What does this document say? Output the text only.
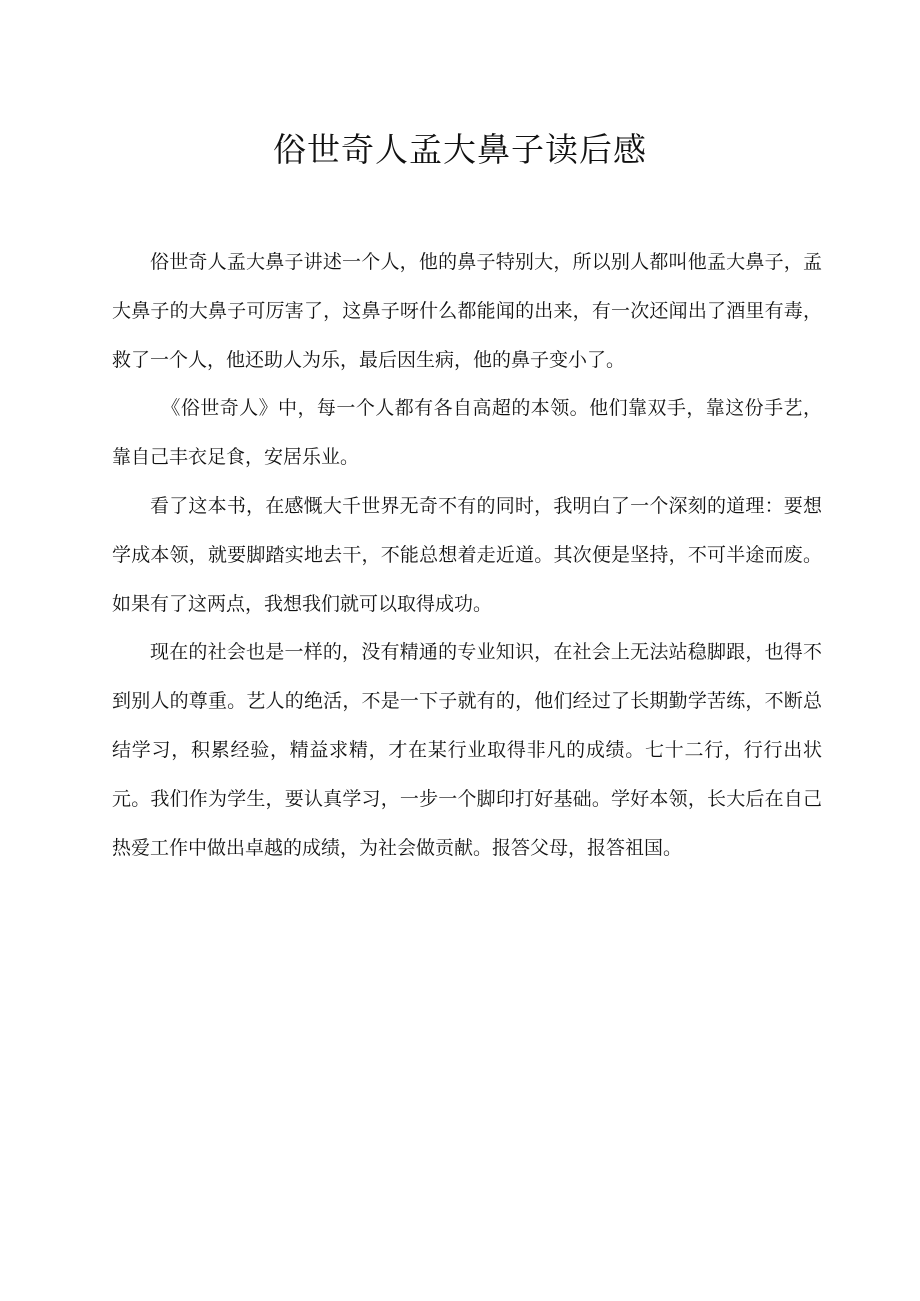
俗世奇人孟大鼻子读后感

俗世奇人孟大鼻子讲述一个人，他的鼻子特别大，所以别人都叫他孟大鼻子，孟大鼻子的大鼻子可厉害了，这鼻子呀什么都能闻的出来，有一次还闻出了酒里有毒，救了一个人，他还助人为乐，最后因生病，他的鼻子变小了。

《俗世奇人》中，每一个人都有各自高超的本领。他们靠双手，靠这份手艺，靠自己丰衣足食，安居乐业。

看了这本书，在感慨大千世界无奇不有的同时，我明白了一个深刻的道理：要想学成本领，就要脚踏实地去干，不能总想着走近道。其次便是坚持，不可半途而废。如果有了这两点，我想我们就可以取得成功。

现在的社会也是一样的，没有精通的专业知识，在社会上无法站稳脚跟，也得不到别人的尊重。艺人的绝活，不是一下子就有的，他们经过了长期勤学苦练，不断总结学习，积累经验，精益求精，才在某行业取得非凡的成绩。七十二行，行行出状元。我们作为学生，要认真学习，一步一个脚印打好基础。学好本领，长大后在自己热爱工作中做出卓越的成绩，为社会做贡献。报答父母，报答祖国。
